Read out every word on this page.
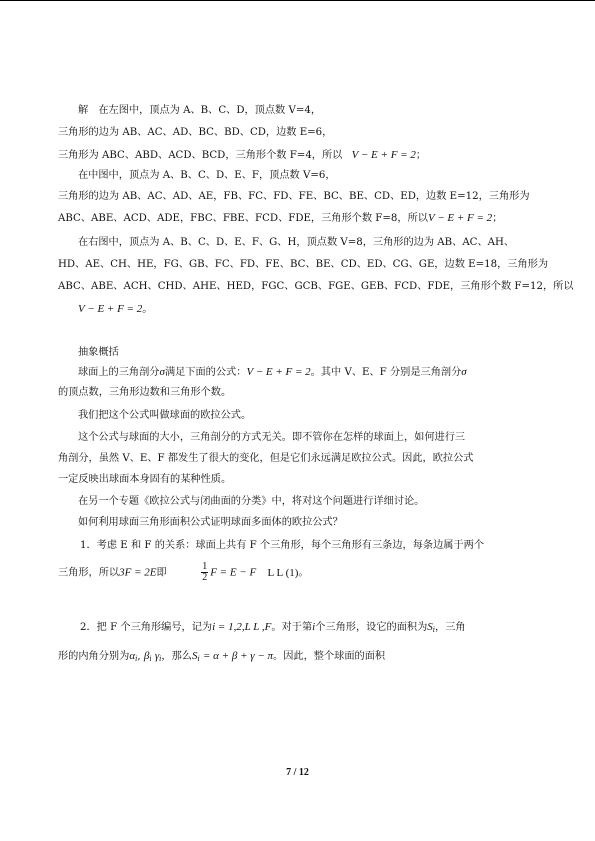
解　在左图中，顶点为 A、B、C、D，顶点数 V=4，
三角形的边为 AB、AC、AD、BC、BD、CD，边数 E=6，
三角形为 ABC、ABD、ACD、BCD，三角形个数 F=4，所以 V − E + F = 2；
在中图中，顶点为 A、B、C、D、E、F，顶点数 V=6，
三角形的边为 AB、AC、AD、AE，FB、FC、FD、FE、BC、BE、CD、ED，边数 E=12，三角形为
ABC、ABE、ACD、ADE，FBC、FBE、FCD、FDE，三角形个数 F=8，所以V − E + F = 2；
在右图中，顶点为 A、B、C、D、E、F、G、H，顶点数 V=8，三角形的边为 AB、AC、AH、
HD、AE、CH、HE，FG、GB、FC、FD、FE、BC、BE、CD、ED、CG、GE，边数 E=18，三角形为
ABC、ABE、ACH、CHD、AHE、HED，FGC、GCB、FGE、GEB、FCD、FDE，三角形个数 F=12，所以
V − E + F = 2。
抽象概括
球面上的三角剖分σ满足下面的公式：V − E + F = 2。其中 V、E、F 分别是三角剖分σ
的顶点数，三角形边数和三角形个数。
我们把这个公式叫做球面的欧拉公式。
这个公式与球面的大小，三角剖分的方式无关。即不管你在怎样的球面上，如何进行三
角剖分，虽然 V、E、F 都发生了很大的变化，但是它们永远满足欧拉公式。因此，欧拉公式
一定反映出球面本身固有的某种性质。
在另一个专题《欧拉公式与闭曲面的分类》中，将对这个问题进行详细讨论。
如何利用球面三角形面积公式证明球面多面体的欧拉公式？
1．考虑 E 和 F 的关系：球面上共有 F 个三角形，每个三角形有三条边，每条边属于两个
三角形，所以3F = 2E即	$\frac{1}{2}$ F = E − F L L (1)。
2．把 F 个三角形编号，记为i = 1,2,L L ,F。对于第i个三角形，设它的面积为$S_i$，三角
形的内角分别为$\alpha_i$, $\beta_i$ $\gamma_i$，那么$S_i = \alpha + \beta + \gamma - \pi$。因此，整个球面的面积
7 / 12
